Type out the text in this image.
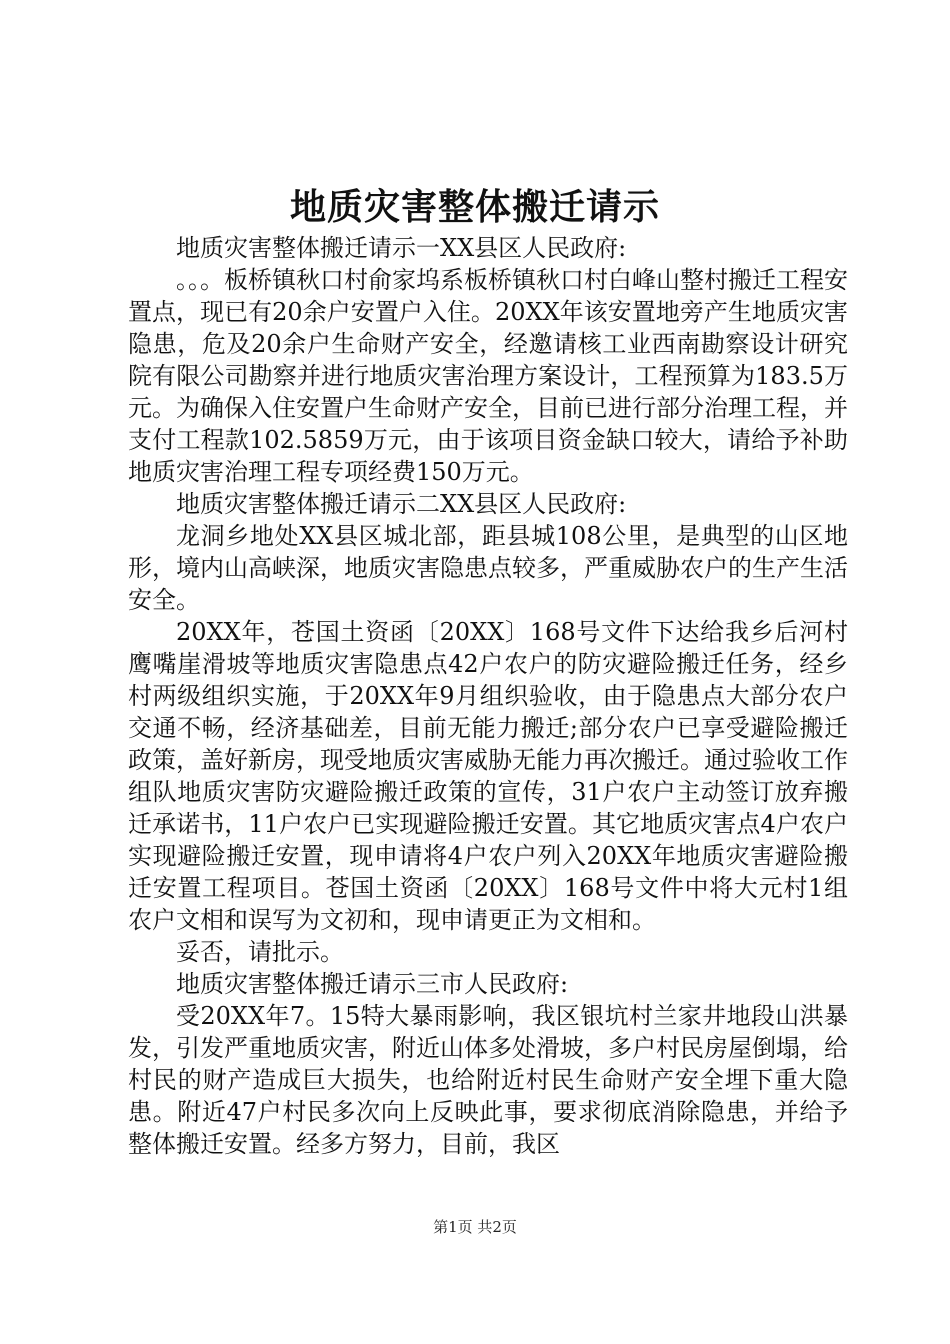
地质灾害整体搬迁请示

地质灾害整体搬迁请示一XX县区人民政府:

。。。板桥镇秋口村俞家坞系板桥镇秋口村白峰山整村搬迁工程安置点，现已有20余户安置户入住。20XX年该安置地旁产生地质灾害隐患，危及20余户生命财产安全，经邀请核工业西南勘察设计研究院有限公司勘察并进行地质灾害治理方案设计，工程预算为183.5万元。为确保入住安置户生命财产安全，目前已进行部分治理工程，并支付工程款102.5859万元，由于该项目资金缺口较大，请给予补助地质灾害治理工程专项经费150万元。

地质灾害整体搬迁请示二XX县区人民政府:

龙洞乡地处XX县区城北部，距县城108公里，是典型的山区地形，境内山高峡深，地质灾害隐患点较多，严重威胁农户的生产生活安全。

20XX年，苍国土资函〔20XX〕168号文件下达给我乡后河村鹰嘴崖滑坡等地质灾害隐患点42户农户的防灾避险搬迁任务，经乡村两级组织实施，于20XX年9月组织验收，由于隐患点大部分农户交通不畅，经济基础差，目前无能力搬迁;部分农户已享受避险搬迁政策，盖好新房，现受地质灾害威胁无能力再次搬迁。通过验收工作组队地质灾害防灾避险搬迁政策的宣传，31户农户主动签订放弃搬迁承诺书，11户农户已实现避险搬迁安置。其它地质灾害点4户农户实现避险搬迁安置，现申请将4户农户列入20XX年地质灾害避险搬迁安置工程项目。苍国土资函〔20XX〕168号文件中将大元村1组农户文相和误写为文初和，现申请更正为文相和。

妥否，请批示。

地质灾害整体搬迁请示三市人民政府:

受20XX年7。15特大暴雨影响，我区银坑村兰家井地段山洪暴发，引发严重地质灾害，附近山体多处滑坡，多户村民房屋倒塌，给村民的财产造成巨大损失，也给附近村民生命财产安全埋下重大隐患。附近47户村民多次向上反映此事，要求彻底消除隐患，并给予整体搬迁安置。经多方努力，目前，我区

第1页 共2页
